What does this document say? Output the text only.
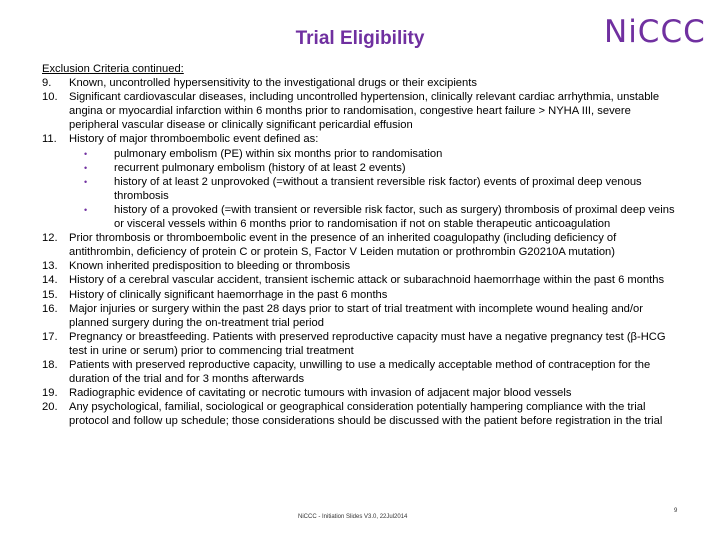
Trial Eligibility	NiCCC
Exclusion Criteria continued:
9.	Known, uncontrolled hypersensitivity to the investigational drugs or their excipients
10.	Significant cardiovascular diseases, including uncontrolled hypertension, clinically relevant cardiac arrhythmia, unstable angina or myocardial infarction within 6 months prior to randomisation, congestive heart failure > NYHA III, severe peripheral vascular disease or clinically significant pericardial effusion
11.	History of major thromboembolic event defined as:
•	pulmonary embolism (PE) within six months prior to randomisation
•	recurrent pulmonary embolism (history of at least 2 events)
•	history of at least 2 unprovoked (=without a transient reversible risk factor) events of proximal deep venous thrombosis
•	history of a provoked (=with transient or reversible risk factor, such as surgery) thrombosis of proximal deep veins or visceral vessels within 6 months prior to randomisation if not on stable therapeutic anticoagulation
12.	Prior thrombosis or thromboembolic event in the presence of an inherited coagulopathy (including deficiency of antithrombin, deficiency of protein C or protein S, Factor V Leiden mutation or prothrombin G20210A mutation)
13.	Known inherited predisposition to bleeding or thrombosis
14.	History of a cerebral vascular accident, transient ischemic attack or subarachnoid haemorrhage within the past 6 months
15.	History of clinically significant haemorrhage in the past 6 months
16.	Major injuries or surgery within the past 28 days prior to start of trial treatment with incomplete wound healing and/or planned surgery during the on-treatment trial period
17.	Pregnancy or breastfeeding. Patients with preserved reproductive capacity must have a negative pregnancy test (β-HCG test in urine or serum) prior to commencing trial treatment
18.	Patients with preserved reproductive capacity, unwilling to use a medically acceptable method of contraception for the duration of the trial and for 3 months afterwards
19.	Radiographic evidence of cavitating or necrotic tumours with invasion of adjacent major blood vessels
20.	Any psychological, familial, sociological or geographical consideration potentially hampering compliance with the trial protocol and follow up schedule; those considerations should be discussed with the patient before registration in the trial
NiCCC - Initiation Slides V3.0, 22Jul2014
9
